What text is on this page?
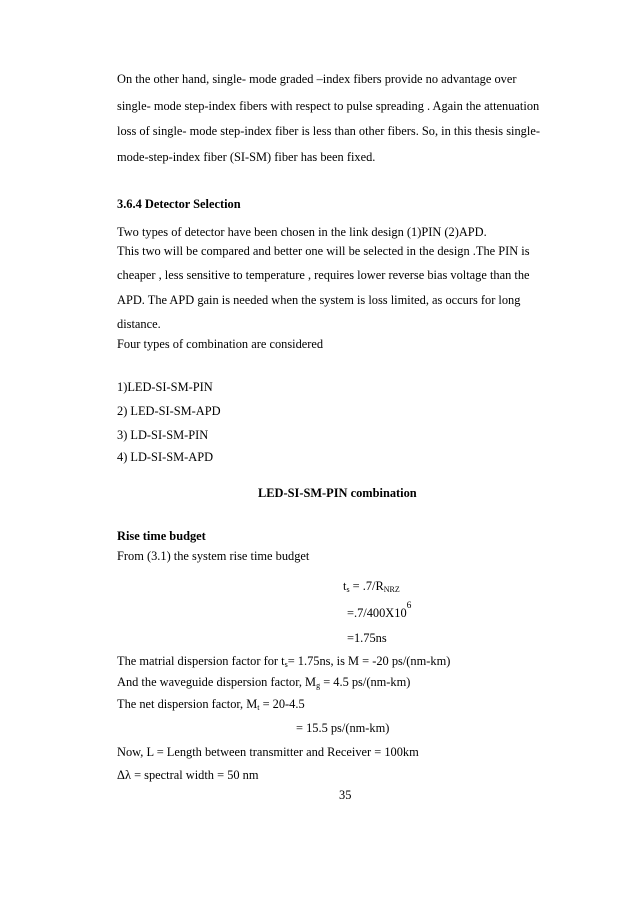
On the other hand, single- mode graded –index fibers provide no advantage over
single- mode step-index fibers with respect to pulse spreading . Again the attenuation
loss of single- mode step-index fiber is less than other fibers. So, in this thesis single-
mode-step-index fiber (SI-SM) fiber has been fixed.
3.6.4 Detector Selection
Two types of detector have been chosen in the link design (1)PIN (2)APD.
This two will be compared and better one will be selected in the design .The PIN is
cheaper , less sensitive to temperature , requires lower reverse bias voltage than the
APD. The APD gain is needed when the system is loss limited, as occurs for long
distance.
Four types of combination are considered
1)LED-SI-SM-PIN
2) LED-SI-SM-APD
3) LD-SI-SM-PIN
4) LD-SI-SM-APD
LED-SI-SM-PIN combination
Rise time budget
From (3.1) the system rise time budget
$t_s = .7/R_{NRZ}$
$=.7/400X10^6$
=1.75ns
The matrial dispersion factor for $t_s= 1.75ns$, is M = -20 ps/(nm-km)
And the waveguide dispersion factor, $M_g = 4.5$ ps/(nm-km)
The net dispersion factor, $M_t = 20-4.5$
= 15.5 ps/(nm-km)
Now, L = Length between transmitter and Receiver = 100km
Δλ = spectral width = 50 nm
35
